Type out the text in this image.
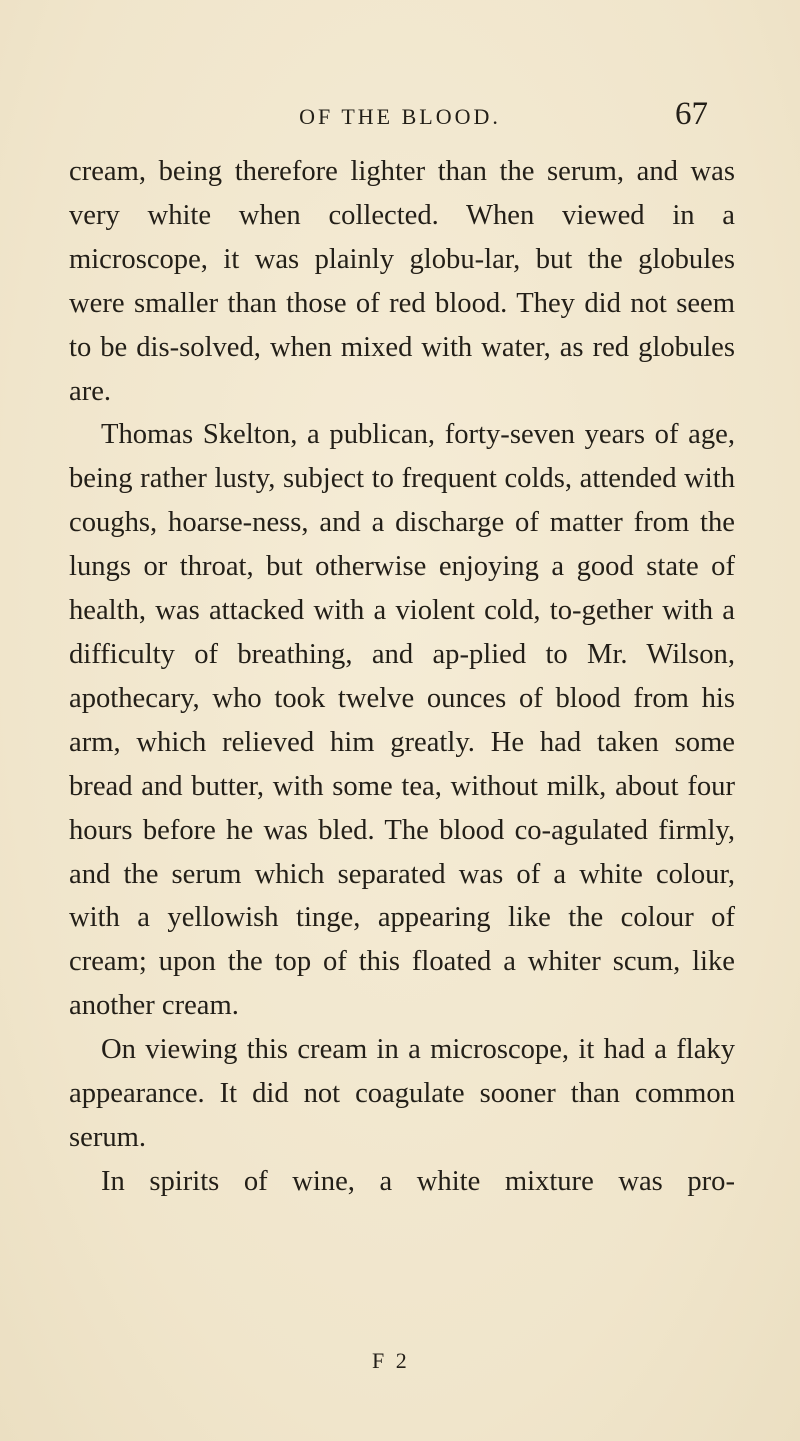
OF THE BLOOD.	67

cream, being therefore lighter than the serum, and was very white when collected. When viewed in a microscope, it was plainly globu-lar, but the globules were smaller than those of red blood. They did not seem to be dis-solved, when mixed with water, as red globules are.

Thomas Skelton, a publican, forty-seven years of age, being rather lusty, subject to frequent colds, attended with coughs, hoarse-ness, and a discharge of matter from the lungs or throat, but otherwise enjoying a good state of health, was attacked with a violent cold, to-gether with a difficulty of breathing, and ap-plied to Mr. Wilson, apothecary, who took twelve ounces of blood from his arm, which relieved him greatly. He had taken some bread and butter, with some tea, without milk, about four hours before he was bled. The blood co-agulated firmly, and the serum which separated was of a white colour, with a yellowish tinge, appearing like the colour of cream; upon the top of this floated a whiter scum, like another cream.

On viewing this cream in a microscope, it had a flaky appearance. It did not coagulate sooner than common serum.

In spirits of wine, a white mixture was pro-

F 2
